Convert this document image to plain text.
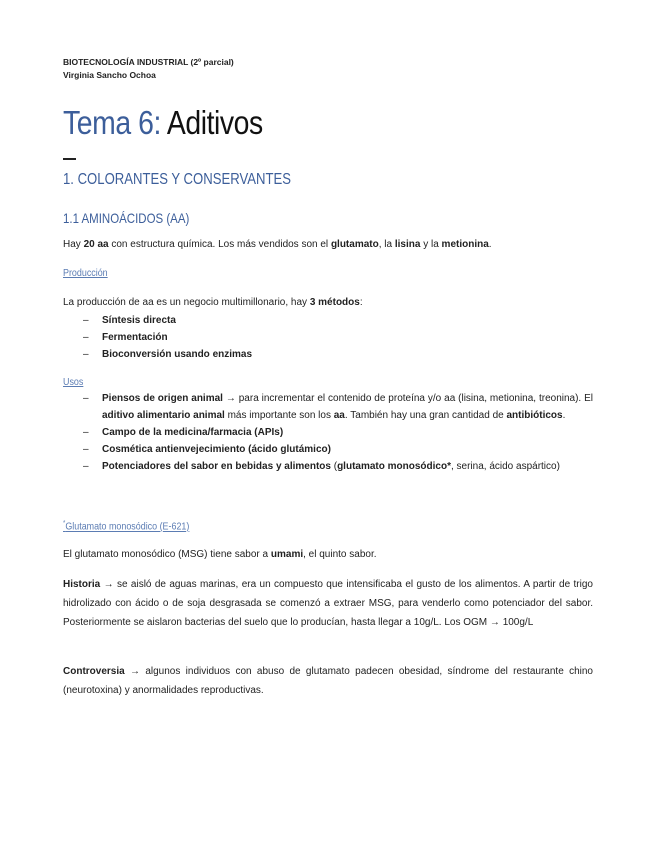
BIOTECNOLOGÍA INDUSTRIAL (2º parcial)
Virginia Sancho Ochoa
Tema 6: Aditivos
1. COLORANTES Y CONSERVANTES
1.1 AMINOÁCIDOS (AA)
Hay 20 aa con estructura química. Los más vendidos son el glutamato, la lisina y la metionina.
Producción
La producción de aa es un negocio multimillonario, hay 3 métodos:
– Síntesis directa
– Fermentación
– Bioconversión usando enzimas
Usos
– Piensos de origen animal → para incrementar el contenido de proteína y/o aa (lisina, metionina, treonina). El aditivo alimentario animal más importante son los aa. También hay una gran cantidad de antibióticos.
– Campo de la medicina/farmacia (APIs)
– Cosmética antienvejecimiento (ácido glutámico)
– Potenciadores del sabor en bebidas y alimentos (glutamato monosódico*, serina, ácido aspártico)
*Glutamato monosódico (E-621)
El glutamato monosódico (MSG) tiene sabor a umami, el quinto sabor.
Historia → se aisló de aguas marinas, era un compuesto que intensificaba el gusto de los alimentos. A partir de trigo hidrolizado con ácido o de soja desgrasada se comenzó a extraer MSG, para venderlo como potenciador del sabor. Posteriormente se aislaron bacterias del suelo que lo producían, hasta llegar a 10g/L. Los OGM → 100g/L
Controversia → algunos individuos con abuso de glutamato padecen obesidad, síndrome del restaurante chino (neurotoxina) y anormalidades reproductivas.
